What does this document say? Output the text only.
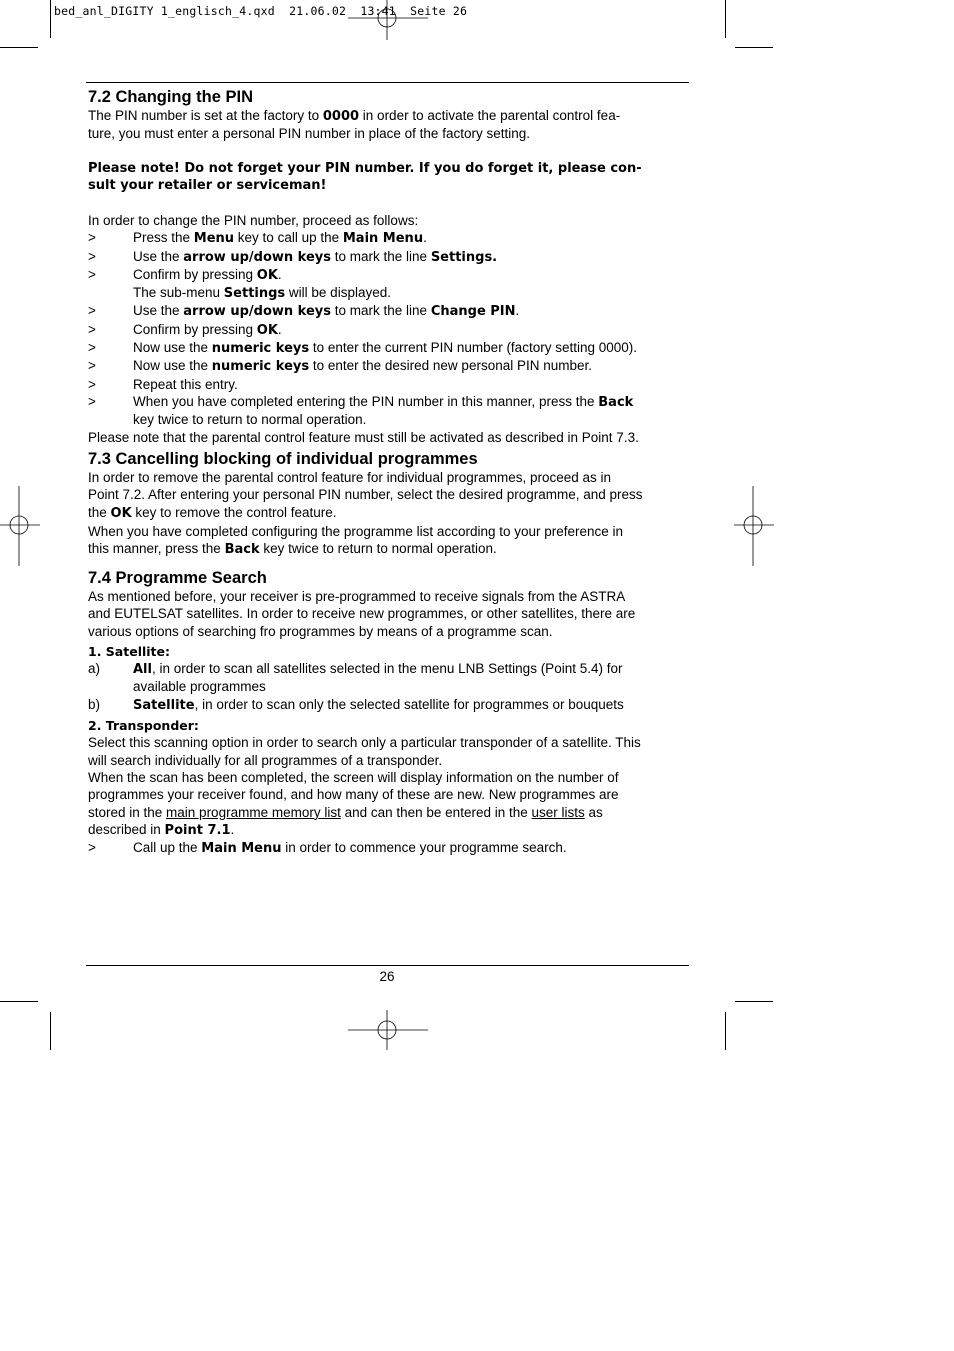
bed_anl_DIGITY 1_englisch_4.qxd  21.06.02  13:41  Seite 26
7.2 Changing the PIN

The PIN number is set at the factory to 0000 in order to activate the parental control fea-

ture, you must enter a personal PIN number in place of the factory setting.

Please note! Do not forget your PIN number. If you do forget it, please con-

sult your retailer or serviceman!

In order to change the PIN number, proceed as follows:

>	Press the Menu key to call up the Main Menu.
>	Use the arrow up/down keys to mark the line Settings.
>	Confirm by pressing OK.
The sub-menu Settings will be displayed.
>	Use the arrow up/down keys to mark the line Change PIN.
>	Confirm by pressing OK.
>	Now use the numeric keys to enter the current PIN number (factory setting 0000).
>	Now use the numeric keys to enter the desired new personal PIN number.
>	Repeat this entry.
>	When you have completed entering the PIN number in this manner, press the Back
key twice to return to normal operation.

Please note that the parental control feature must still be activated as described in Point 7.3.

7.3 Cancelling blocking of individual programmes

In order to remove the parental control feature for individual programmes, proceed as in

Point 7.2. After entering your personal PIN number, select the desired programme, and press

the OK key to remove the control feature.

When you have completed configuring the programme list according to your preference in

this manner, press the Back key twice to return to normal operation.

7.4 Programme Search

As mentioned before, your receiver is pre-programmed to receive signals from the ASTRA

and EUTELSAT satellites. In order to receive new programmes, or other satellites, there are

various options of searching fro programmes by means of a programme scan.

1. Satellite:

a)	All, in order to scan all satellites selected in the menu LNB Settings (Point 5.4) for
available programmes
b)	Satellite, in order to scan only the selected satellite for programmes or bouquets

2. Transponder:

Select this scanning option in order to search only a particular transponder of a satellite. This

will search individually for all programmes of a transponder.

When the scan has been completed, the screen will display information on the number of

programmes your receiver found, and how many of these are new. New programmes are

stored in the main programme memory list and can then be entered in the user lists as

described in Point 7.1.

>	Call up the Main Menu in order to commence your programme search.
26
